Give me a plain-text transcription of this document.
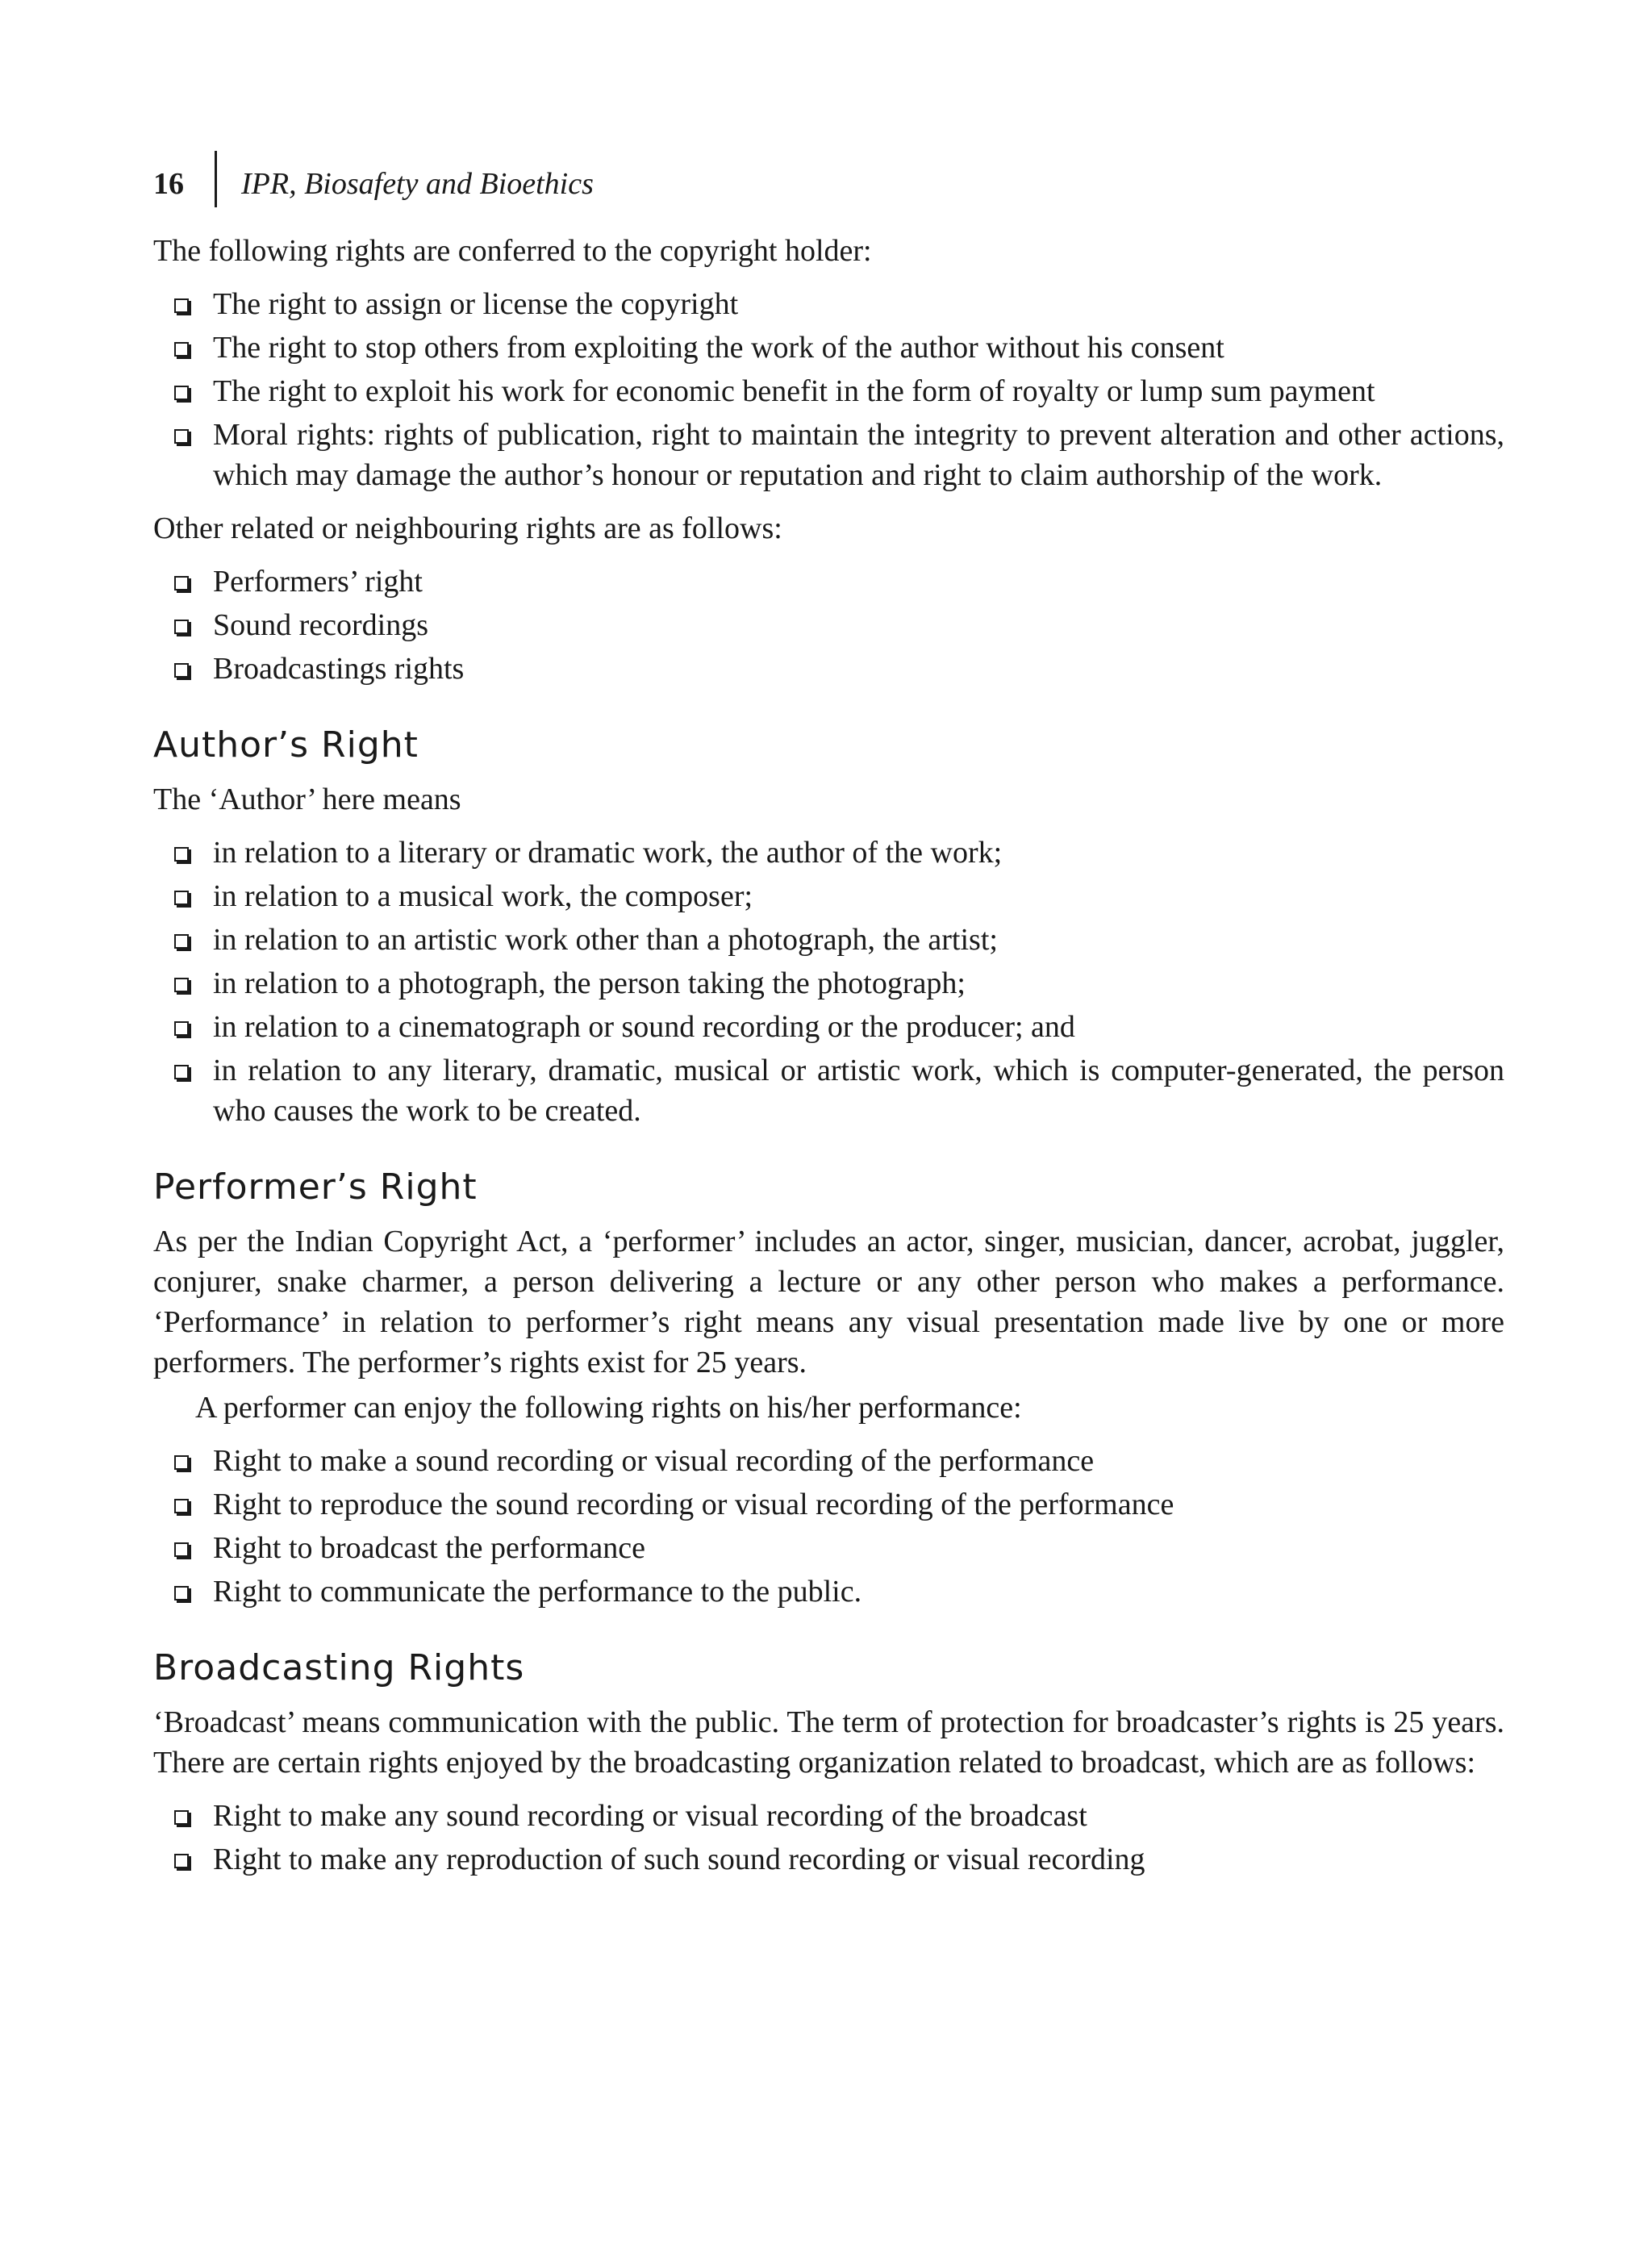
16	IPR, Biosafety and Bioethics

The following rights are conferred to the copyright holder:

The right to assign or license the copyright
The right to stop others from exploiting the work of the author without his consent
The right to exploit his work for economic benefit in the form of royalty or lump sum payment
Moral rights: rights of publication, right to maintain the integrity to prevent alteration and other actions, which may damage the author’s honour or reputation and right to claim authorship of the work.

Other related or neighbouring rights are as follows:

Performers’ right
Sound recordings
Broadcastings rights
Author’s Right

The ‘Author’ here means

in relation to a literary or dramatic work, the author of the work;
in relation to a musical work, the composer;
in relation to an artistic work other than a photograph, the artist;
in relation to a photograph, the person taking the photograph;
in relation to a cinematograph or sound recording or the producer; and
in relation to any literary, dramatic, musical or artistic work, which is computer-generated, the person who causes the work to be created.
Performer’s Right

As per the Indian Copyright Act, a ‘performer’ includes an actor, singer, musician, dancer, acrobat, juggler, conjurer, snake charmer, a person delivering a lecture or any other person who makes a performance. ‘Performance’ in relation to performer’s right means any visual presentation made live by one or more performers. The performer’s rights exist for 25 years.

A performer can enjoy the following rights on his/her performance:

Right to make a sound recording or visual recording of the performance
Right to reproduce the sound recording or visual recording of the performance
Right to broadcast the performance
Right to communicate the performance to the public.
Broadcasting Rights

‘Broadcast’ means communication with the public. The term of protection for broadcaster’s rights is 25 years. There are certain rights enjoyed by the broadcasting organization related to broadcast, which are as follows:

Right to make any sound recording or visual recording of the broadcast
Right to make any reproduction of such sound recording or visual recording
